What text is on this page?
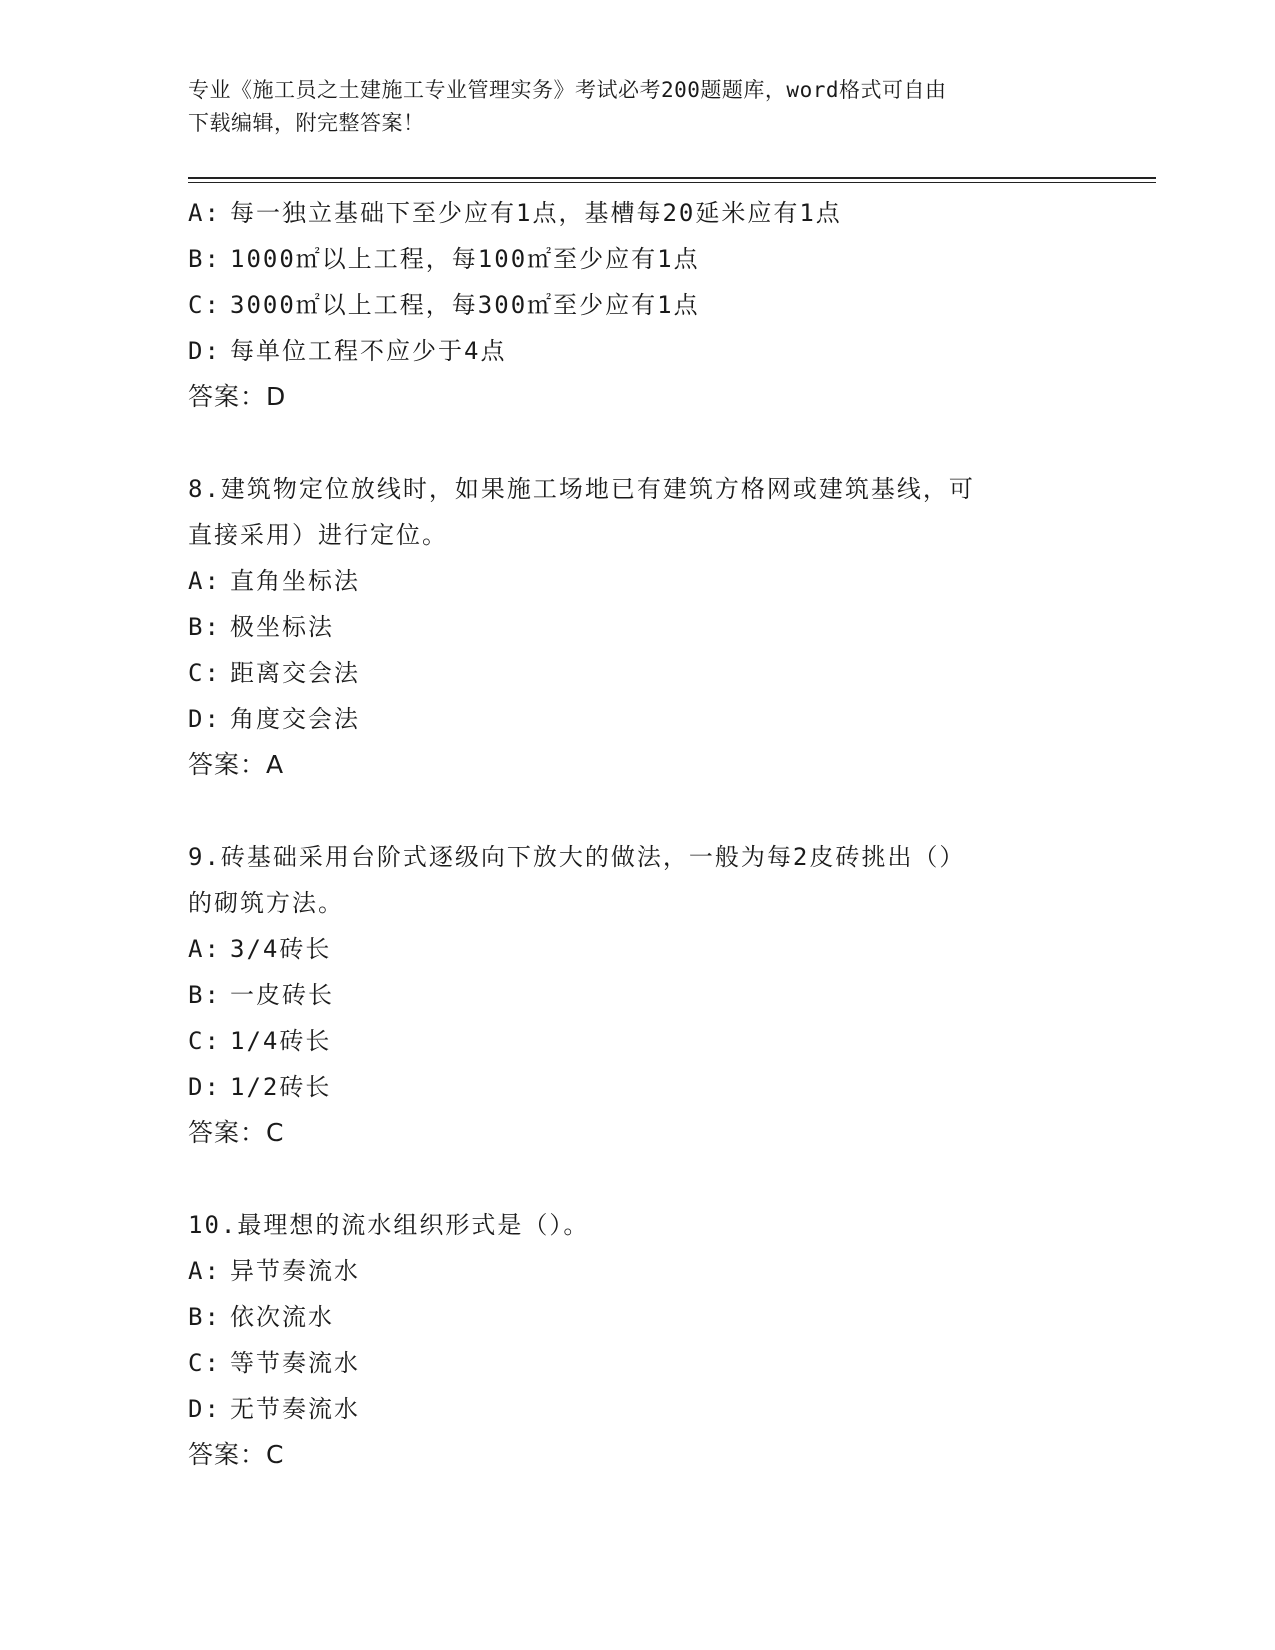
专业《施工员之土建施工专业管理实务》考试必考200题题库，word格式可自由
下载编辑，附完整答案！
A: 每一独立基础下至少应有1点，基槽每20延米应有1点
B: 1000㎡以上工程，每100㎡至少应有1点
C: 3000㎡以上工程，每300㎡至少应有1点
D: 每单位工程不应少于4点
答案：D
8.建筑物定位放线时，如果施工场地已有建筑方格网或建筑基线，可
直接采用）进行定位。
A: 直角坐标法
B: 极坐标法
C: 距离交会法
D: 角度交会法
答案：A
9.砖基础采用台阶式逐级向下放大的做法，一般为每2皮砖挑出（）
的砌筑方法。
A: 3/4砖长
B: 一皮砖长
C: 1/4砖长
D: 1/2砖长
答案：C
10.最理想的流水组织形式是（）。
A: 异节奏流水
B: 依次流水
C: 等节奏流水
D: 无节奏流水
答案：C
